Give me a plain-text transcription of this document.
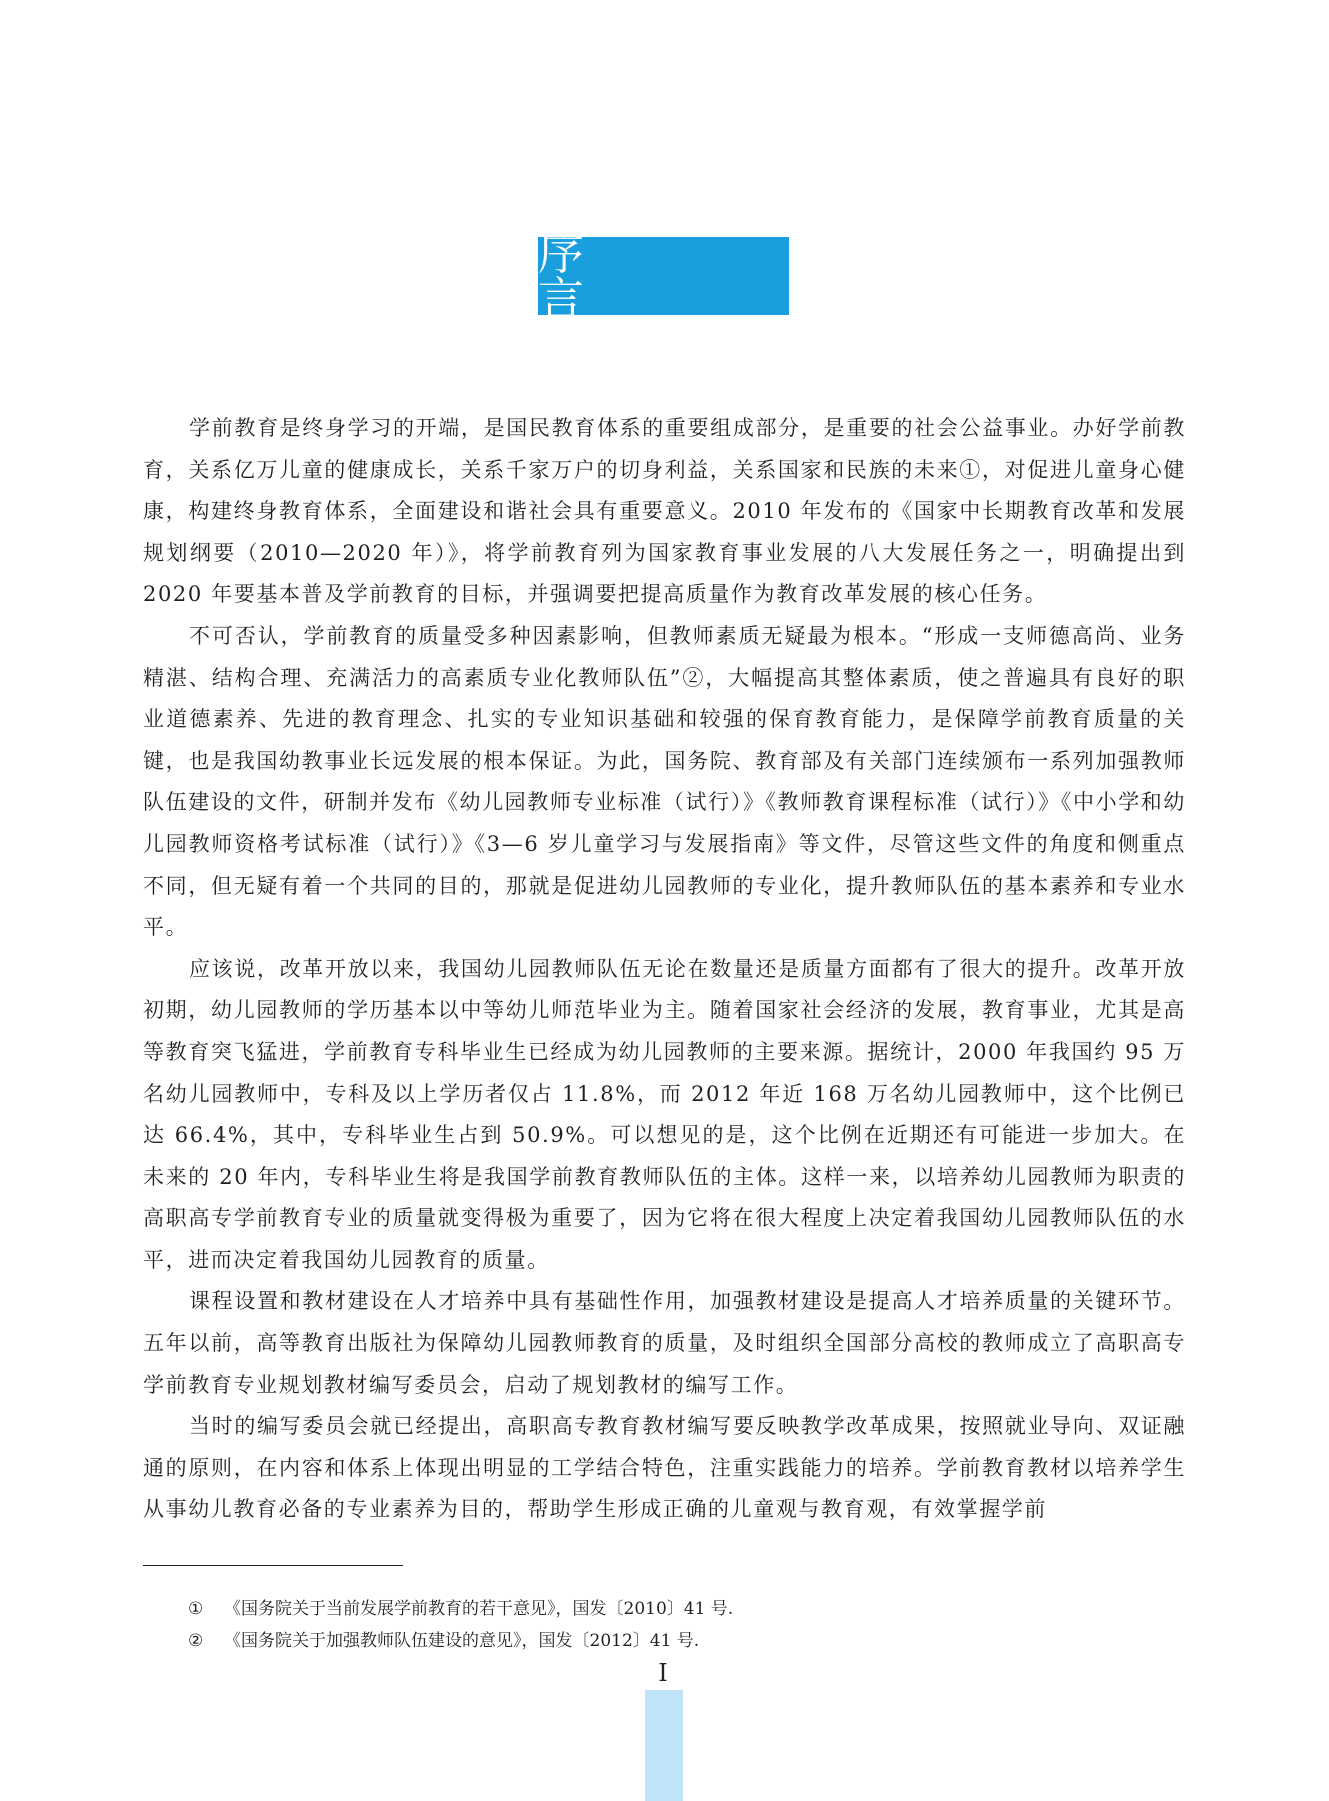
序　言

学前教育是终身学习的开端，是国民教育体系的重要组成部分，是重要的社会公益事业。办好学前教育，关系亿万儿童的健康成长，关系千家万户的切身利益，关系国家和民族的未来①，对促进儿童身心健康，构建终身教育体系，全面建设和谐社会具有重要意义。2010 年发布的《国家中长期教育改革和发展规划纲要（2010—2020 年）》，将学前教育列为国家教育事业发展的八大发展任务之一，明确提出到 2020 年要基本普及学前教育的目标，并强调要把提高质量作为教育改革发展的核心任务。

不可否认，学前教育的质量受多种因素影响，但教师素质无疑最为根本。“形成一支师德高尚、业务精湛、结构合理、充满活力的高素质专业化教师队伍”②，大幅提高其整体素质，使之普遍具有良好的职业道德素养、先进的教育理念、扎实的专业知识基础和较强的保育教育能力，是保障学前教育质量的关键，也是我国幼教事业长远发展的根本保证。为此，国务院、教育部及有关部门连续颁布一系列加强教师队伍建设的文件，研制并发布《幼儿园教师专业标准（试行）》《教师教育课程标准（试行）》《中小学和幼儿园教师资格考试标准（试行）》《3—6 岁儿童学习与发展指南》等文件，尽管这些文件的角度和侧重点不同，但无疑有着一个共同的目的，那就是促进幼儿园教师的专业化，提升教师队伍的基本素养和专业水平。

应该说，改革开放以来，我国幼儿园教师队伍无论在数量还是质量方面都有了很大的提升。改革开放初期，幼儿园教师的学历基本以中等幼儿师范毕业为主。随着国家社会经济的发展，教育事业，尤其是高等教育突飞猛进，学前教育专科毕业生已经成为幼儿园教师的主要来源。据统计，2000 年我国约 95 万名幼儿园教师中，专科及以上学历者仅占 11.8%，而 2012 年近 168 万名幼儿园教师中，这个比例已达 66.4%，其中，专科毕业生占到 50.9%。可以想见的是，这个比例在近期还有可能进一步加大。在未来的 20 年内，专科毕业生将是我国学前教育教师队伍的主体。这样一来，以培养幼儿园教师为职责的高职高专学前教育专业的质量就变得极为重要了，因为它将在很大程度上决定着我国幼儿园教师队伍的水平，进而决定着我国幼儿园教育的质量。

课程设置和教材建设在人才培养中具有基础性作用，加强教材建设是提高人才培养质量的关键环节。五年以前，高等教育出版社为保障幼儿园教师教育的质量，及时组织全国部分高校的教师成立了高职高专学前教育专业规划教材编写委员会，启动了规划教材的编写工作。

当时的编写委员会就已经提出，高职高专教育教材编写要反映教学改革成果，按照就业导向、双证融通的原则，在内容和体系上体现出明显的工学结合特色，注重实践能力的培养。学前教育教材以培养学生从事幼儿教育必备的专业素养为目的，帮助学生形成正确的儿童观与教育观，有效掌握学前

① 《国务院关于当前发展学前教育的若干意见》，国发〔2010〕41 号.
② 《国务院关于加强教师队伍建设的意见》，国发〔2012〕41 号.
I
